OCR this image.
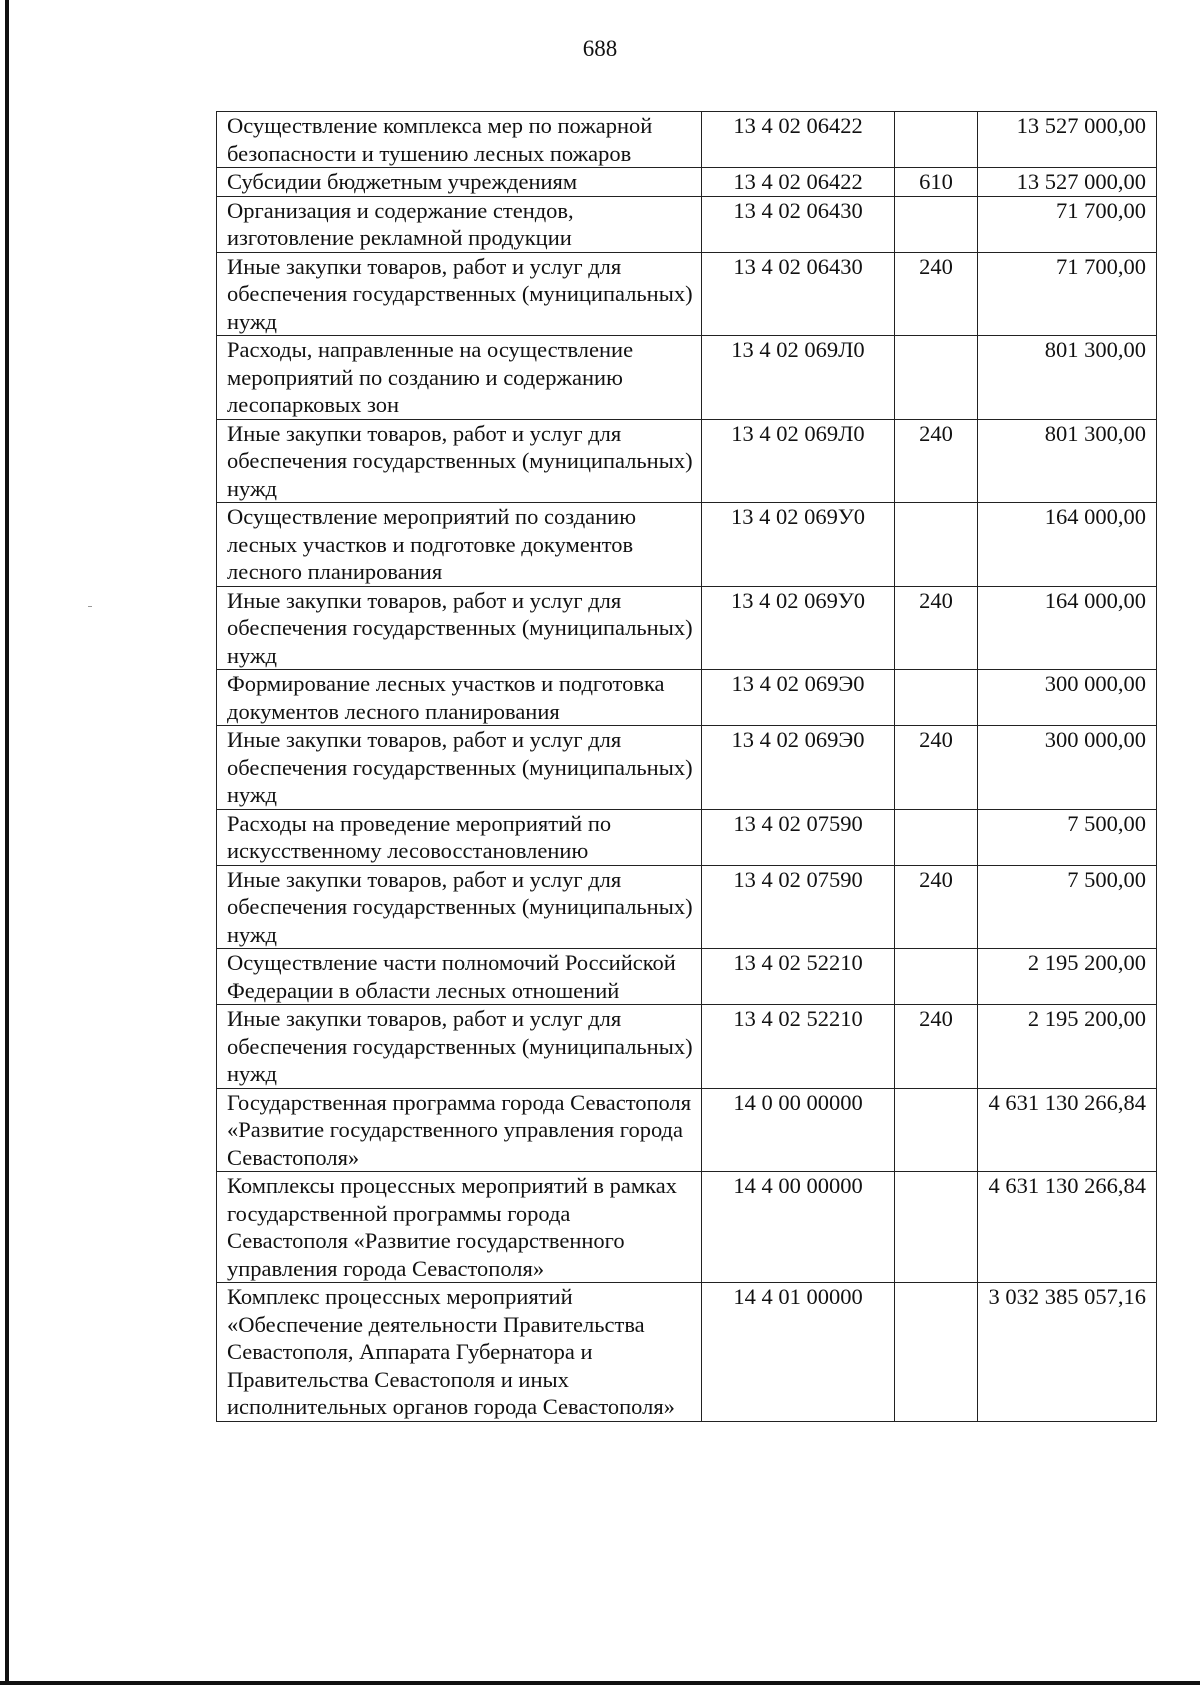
688
Осуществление комплекса мер по пожарной безопасности и тушению лесных пожаров	13 4 02 06422		13 527 000,00
Субсидии бюджетным учреждениям	13 4 02 06422	610	13 527 000,00
Организация и содержание стендов, изготовление рекламной продукции	13 4 02 06430		71 700,00
Иные закупки товаров, работ и услуг для обеспечения государственных (муниципальных) нужд	13 4 02 06430	240	71 700,00
Расходы, направленные на осуществление мероприятий по созданию и содержанию лесопарковых зон	13 4 02 069Л0		801 300,00
Иные закупки товаров, работ и услуг для обеспечения государственных (муниципальных) нужд	13 4 02 069Л0	240	801 300,00
Осуществление мероприятий по созданию лесных участков и подготовке документов лесного планирования	13 4 02 069У0		164 000,00
Иные закупки товаров, работ и услуг для обеспечения государственных (муниципальных) нужд	13 4 02 069У0	240	164 000,00
Формирование лесных участков и подготовка документов лесного планирования	13 4 02 069Э0		300 000,00
Иные закупки товаров, работ и услуг для обеспечения государственных (муниципальных) нужд	13 4 02 069Э0	240	300 000,00
Расходы на проведение мероприятий по искусственному лесовосстановлению	13 4 02 07590		7 500,00
Иные закупки товаров, работ и услуг для обеспечения государственных (муниципальных) нужд	13 4 02 07590	240	7 500,00
Осуществление части полномочий Российской Федерации в области лесных отношений	13 4 02 52210		2 195 200,00
Иные закупки товаров, работ и услуг для обеспечения государственных (муниципальных) нужд	13 4 02 52210	240	2 195 200,00
Государственная программа города Севастополя «Развитие государственного управления города Севастополя»	14 0 00 00000		4 631 130 266,84
Комплексы процессных мероприятий в рамках государственной программы города Севастополя «Развитие государственного управления города Севастополя»	14 4 00 00000		4 631 130 266,84
Комплекс процессных мероприятий «Обеспечение деятельности Правительства Севастополя, Аппарата Губернатора и Правительства Севастополя и иных исполнительных органов города Севастополя»	14 4 01 00000		3 032 385 057,16
